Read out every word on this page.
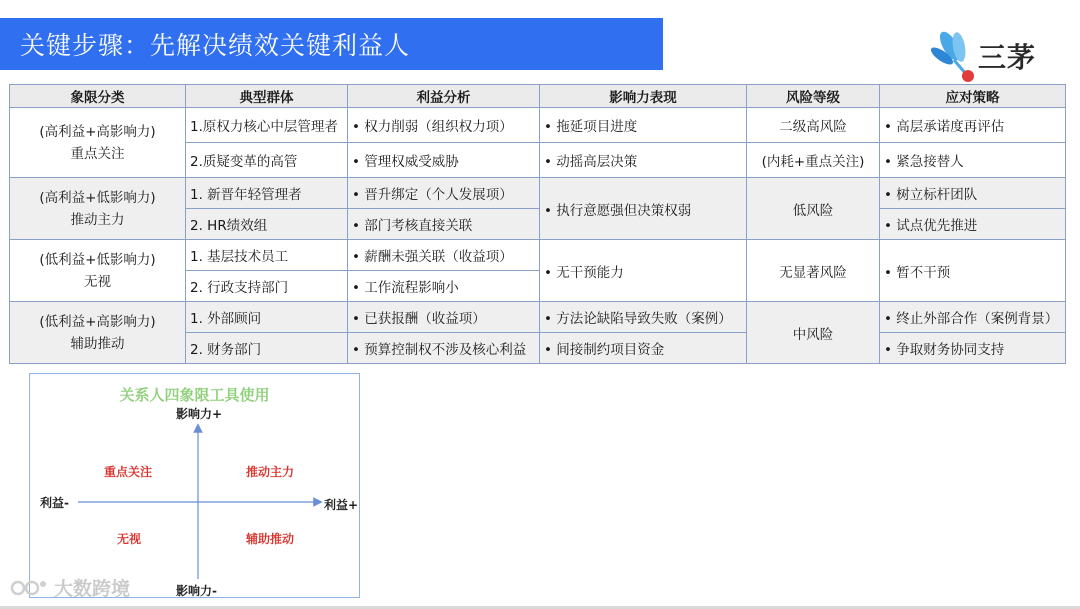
关键步骤：先解决绩效关键利益人	三茅
象限分类	典型群体	利益分析	影响力表现	风险等级	应对策略
(高利益+高影响力)
重点关注	1.原权力核心中层管理者	• 权力削弱（组织权力项）	• 拖延项目进度	二级高风险	• 高层承诺度再评估
	2.质疑变革的高管	• 管理权威受威胁	• 动摇高层决策	(内耗+重点关注)	• 紧急接替人
(高利益+低影响力)
推动主力	1. 新晋年轻管理者	• 晋升绑定（个人发展项）	• 执行意愿强但决策权弱	低风险	• 树立标杆团队
	2. HR绩效组	• 部门考核直接关联			• 试点优先推进
(低利益+低影响力)
无视	1. 基层技术员工	• 薪酬未强关联（收益项）	• 无干预能力	无显著风险	• 暂不干预
	2. 行政支持部门	• 工作流程影响小			
(低利益+高影响力)
辅助推动	1. 外部顾问	• 已获报酬（收益项）	• 方法论缺陷导致失败（案例）	中风险	• 终止外部合作（案例背景）
	2. 财务部门	• 预算控制权不涉及核心利益	• 间接制约项目资金		• 争取财务协同支持
关系人四象限工具使用
影响力+
影响力-
利益-	利益+
重点关注	推动主力
无视	辅助推动
大数跨境
